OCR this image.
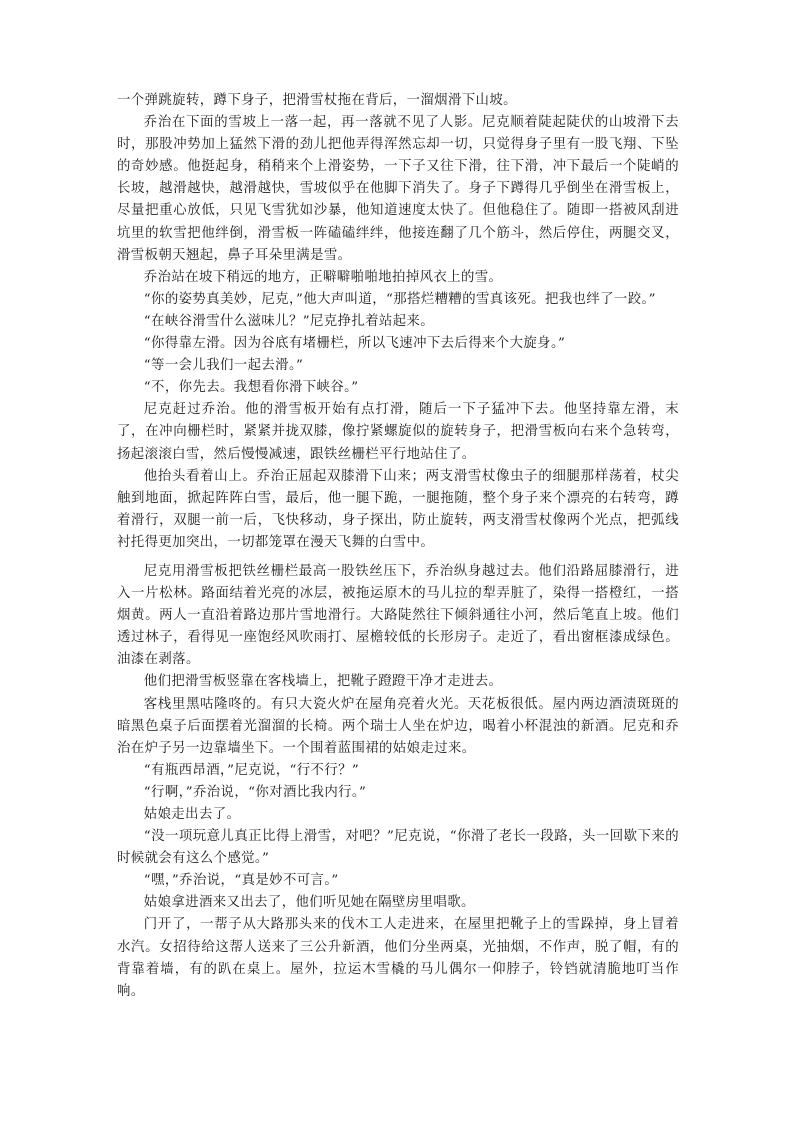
一个弹跳旋转，蹲下身子，把滑雪杖拖在背后，一溜烟滑下山坡。

乔治在下面的雪坡上一落一起，再一落就不见了人影。尼克顺着陡起陡伏的山坡滑下去时，那股冲势加上猛然下滑的劲儿把他弄得浑然忘却一切，只觉得身子里有一股飞翔、下坠的奇妙感。他挺起身，稍稍来个上滑姿势，一下子又往下滑，往下滑，冲下最后一个陡峭的长坡，越滑越快，越滑越快，雪坡似乎在他脚下消失了。身子下蹲得几乎倒坐在滑雪板上，尽量把重心放低，只见飞雪犹如沙暴，他知道速度太快了。但他稳住了。随即一搭被风刮进坑里的软雪把他绊倒，滑雪板一阵磕磕绊绊，他接连翻了几个筋斗，然后停住，两腿交叉，滑雪板朝天翘起，鼻子耳朵里满是雪。

乔治站在坡下稍远的地方，正噼噼啪啪地拍掉风衣上的雪。

“你的姿势真美妙，尼克，”他大声叫道，“那搭烂糟糟的雪真该死。把我也绊了一跤。”

“在峡谷滑雪什么滋味儿？”尼克挣扎着站起来。

“你得靠左滑。因为谷底有堵栅栏，所以飞速冲下去后得来个大旋身。”

“等一会儿我们一起去滑。”

“不，你先去。我想看你滑下峡谷。”

尼克赶过乔治。他的滑雪板开始有点打滑，随后一下子猛冲下去。他坚持靠左滑，末了，在冲向栅栏时，紧紧并拢双膝，像拧紧螺旋似的旋转身子，把滑雪板向右来个急转弯，扬起滚滚白雪，然后慢慢减速，跟铁丝栅栏平行地站住了。

他抬头看着山上。乔治正屈起双膝滑下山来；两支滑雪杖像虫子的细腿那样荡着，杖尖触到地面，掀起阵阵白雪，最后，他一腿下跪，一腿拖随，整个身子来个漂亮的右转弯，蹲着滑行，双腿一前一后，飞快移动，身子探出，防止旋转，两支滑雪杖像两个光点，把弧线衬托得更加突出，一切都笼罩在漫天飞舞的白雪中。

尼克用滑雪板把铁丝栅栏最高一股铁丝压下，乔治纵身越过去。他们沿路屈膝滑行，进入一片松林。路面结着光亮的冰层，被拖运原木的马儿拉的犁弄脏了，染得一搭橙红，一搭烟黄。两人一直沿着路边那片雪地滑行。大路陡然往下倾斜通往小河，然后笔直上坡。他们透过林子，看得见一座饱经风吹雨打、屋檐较低的长形房子。走近了，看出窗框漆成绿色。油漆在剥落。

他们把滑雪板竖靠在客栈墙上，把靴子蹬蹬干净才走进去。

客栈里黑咕隆咚的。有只大瓷火炉在屋角亮着火光。天花板很低。屋内两边酒渍斑斑的暗黑色桌子后面摆着光溜溜的长椅。两个瑞士人坐在炉边，喝着小杯混浊的新酒。尼克和乔治在炉子另一边靠墙坐下。一个围着蓝围裙的姑娘走过来。

“有瓶西昂酒，”尼克说，“行不行？”

“行啊，”乔治说，“你对酒比我内行。”

姑娘走出去了。

“没一项玩意儿真正比得上滑雪，对吧？”尼克说，“你滑了老长一段路，头一回歇下来的时候就会有这么个感觉。”

“嘿，”乔治说，“真是妙不可言。”

姑娘拿进酒来又出去了，他们听见她在隔壁房里唱歌。

门开了，一帮子从大路那头来的伐木工人走进来，在屋里把靴子上的雪跺掉，身上冒着水汽。女招待给这帮人送来了三公升新酒，他们分坐两桌，光抽烟，不作声，脱了帽，有的背靠着墙，有的趴在桌上。屋外，拉运木雪橇的马儿偶尔一仰脖子，铃铛就清脆地叮当作响。
